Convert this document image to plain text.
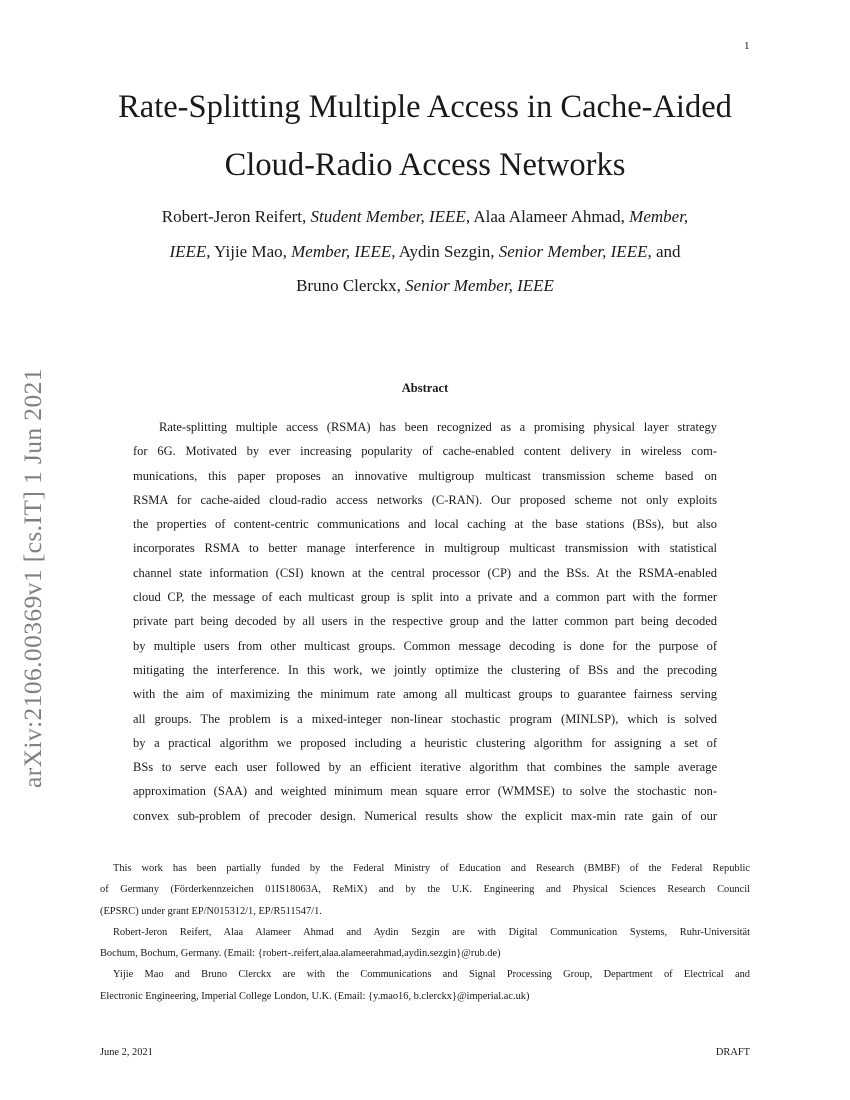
1
arXiv:2106.00369v1 [cs.IT] 1 Jun 2021
Rate-Splitting Multiple Access in Cache-Aided
Cloud-Radio Access Networks
Robert-Jeron Reifert, Student Member, IEEE, Alaa Alameer Ahmad, Member,
IEEE, Yijie Mao, Member, IEEE, Aydin Sezgin, Senior Member, IEEE, and
Bruno Clerckx, Senior Member, IEEE
Abstract
Rate-splitting multiple access (RSMA) has been recognized as a promising physical layer strategy
for 6G. Motivated by ever increasing popularity of cache-enabled content delivery in wireless com-
munications, this paper proposes an innovative multigroup multicast transmission scheme based on
RSMA for cache-aided cloud-radio access networks (C-RAN). Our proposed scheme not only exploits
the properties of content-centric communications and local caching at the base stations (BSs), but also
incorporates RSMA to better manage interference in multigroup multicast transmission with statistical
channel state information (CSI) known at the central processor (CP) and the BSs. At the RSMA-enabled
cloud CP, the message of each multicast group is split into a private and a common part with the former
private part being decoded by all users in the respective group and the latter common part being decoded
by multiple users from other multicast groups. Common message decoding is done for the purpose of
mitigating the interference. In this work, we jointly optimize the clustering of BSs and the precoding
with the aim of maximizing the minimum rate among all multicast groups to guarantee fairness serving
all groups. The problem is a mixed-integer non-linear stochastic program (MINLSP), which is solved
by a practical algorithm we proposed including a heuristic clustering algorithm for assigning a set of
BSs to serve each user followed by an efficient iterative algorithm that combines the sample average
approximation (SAA) and weighted minimum mean square error (WMMSE) to solve the stochastic non-
convex sub-problem of precoder design. Numerical results show the explicit max-min rate gain of our
This work has been partially funded by the Federal Ministry of Education and Research (BMBF) of the Federal Republic
of Germany (Förderkennzeichen 01IS18063A, ReMiX) and by the U.K. Engineering and Physical Sciences Research Council
(EPSRC) under grant EP/N015312/1, EP/R511547/1.
Robert-Jeron Reifert, Alaa Alameer Ahmad and Aydin Sezgin are with Digital Communication Systems, Ruhr-Universität
Bochum, Bochum, Germany. (Email: {robert-.reifert,alaa.alameerahmad,aydin.sezgin}@rub.de)
Yijie Mao and Bruno Clerckx are with the Communications and Signal Processing Group, Department of Electrical and
Electronic Engineering, Imperial College London, U.K. (Email: {y.mao16, b.clerckx}@imperial.ac.uk)
June 2, 2021	DRAFT
